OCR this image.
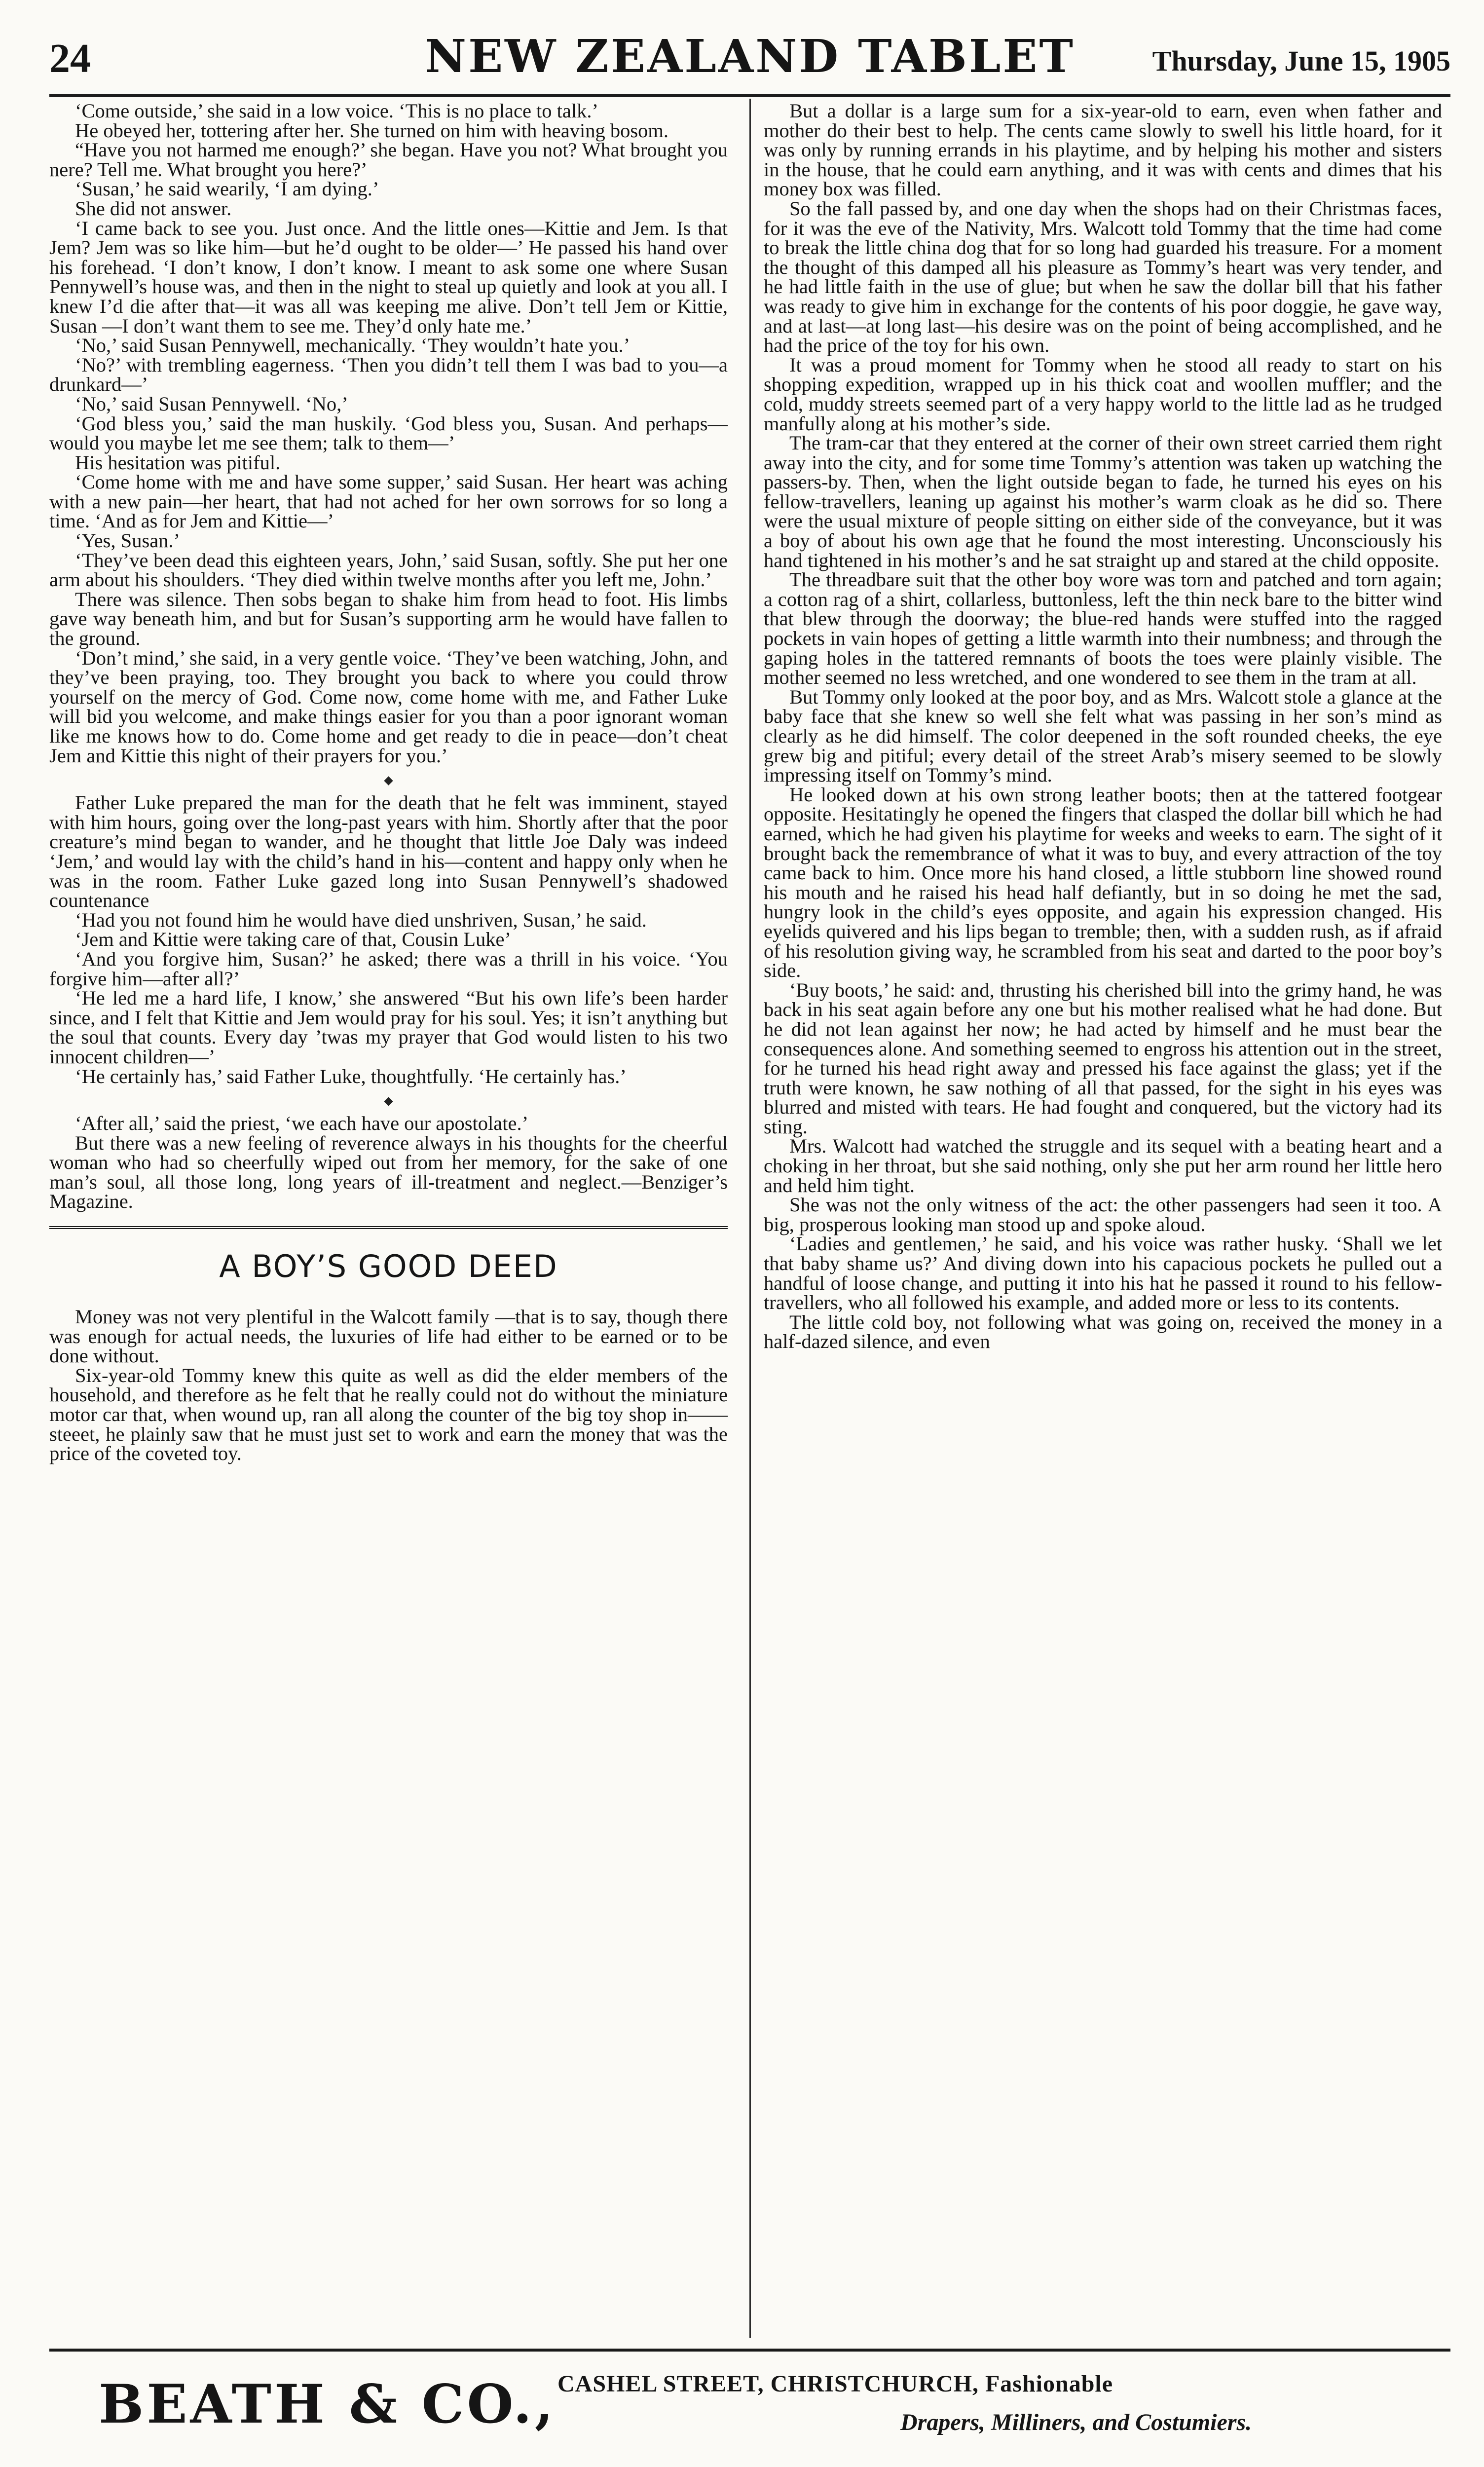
24	NEW ZEALAND TABLET	Thursday, June 15, 1905

‘Come outside,’ she said in a low voice. ‘This is no place to talk.’

He obeyed her, tottering after her. She turned on him with heaving bosom.

“Have you not harmed me enough?’ she began. Have you not? What brought you nere? Tell me. What brought you here?’

‘Susan,’ he said wearily, ‘I am dying.’

She did not answer.

‘I came back to see you. Just once. And the little ones—Kittie and Jem. Is that Jem? Jem was so like him—but he’d ought to be older—’ He passed his hand over his forehead. ‘I don’t know, I don’t know. I meant to ask some one where Susan Pennywell’s house was, and then in the night to steal up quietly and look at you all. I knew I’d die after that—it was all was keeping me alive. Don’t tell Jem or Kittie, Susan —I don’t want them to see me. They’d only hate me.’

‘No,’ said Susan Pennywell, mechanically. ‘They wouldn’t hate you.’

‘No?’ with trembling eagerness. ‘Then you didn’t tell them I was bad to you—a drunkard—’

‘No,’ said Susan Pennywell. ‘No,’

‘God bless you,’ said the man huskily. ‘God bless you, Susan. And perhaps—would you maybe let me see them; talk to them—’

His hesitation was pitiful.

‘Come home with me and have some supper,’ said Susan. Her heart was aching with a new pain—her heart, that had not ached for her own sorrows for so long a time. ‘And as for Jem and Kittie—’

‘Yes, Susan.’

‘They’ve been dead this eighteen years, John,’ said Susan, softly. She put her one arm about his shoulders. ‘They died within twelve months after you left me, John.’

There was silence. Then sobs began to shake him from head to foot. His limbs gave way beneath him, and but for Susan’s supporting arm he would have fallen to the ground.

‘Don’t mind,’ she said, in a very gentle voice. ‘They’ve been watching, John, and they’ve been praying, too. They brought you back to where you could throw yourself on the mercy of God. Come now, come home with me, and Father Luke will bid you welcome, and make things easier for you than a poor ignorant woman like me knows how to do. Come home and get ready to die in peace—don’t cheat Jem and Kittie this night of their prayers for you.’

Father Luke prepared the man for the death that he felt was imminent, stayed with him hours, going over the long-past years with him. Shortly after that the poor creature’s mind began to wander, and he thought that little Joe Daly was indeed ‘Jem,’ and would lay with the child’s hand in his—content and happy only when he was in the room. Father Luke gazed long into Susan Pennywell’s shadowed countenance

‘Had you not found him he would have died unshriven, Susan,’ he said.

‘Jem and Kittie were taking care of that, Cousin Luke’

‘And you forgive him, Susan?’ he asked; there was a thrill in his voice. ‘You forgive him—after all?’

‘He led me a hard life, I know,’ she answered “But his own life’s been harder since, and I felt that Kittie and Jem would pray for his soul. Yes; it isn’t anything but the soul that counts. Every day ’twas my prayer that God would listen to his two innocent children—’

‘He certainly has,’ said Father Luke, thoughtfully. ‘He certainly has.’

‘After all,’ said the priest, ‘we each have our apostolate.’

But there was a new feeling of reverence always in his thoughts for the cheerful woman who had so cheerfully wiped out from her memory, for the sake of one man’s soul, all those long, long years of ill-treatment and neglect.—Benziger’s Magazine.

A BOY’S GOOD DEED

Money was not very plentiful in the Walcott family —that is to say, though there was enough for actual needs, the luxuries of life had either to be earned or to be done without.

Six-year-old Tommy knew this quite as well as did the elder members of the household, and therefore as he felt that he really could not do without the miniature motor car that, when wound up, ran all along the counter of the big toy shop in—— steeet, he plainly saw that he must just set to work and earn the money that was the price of the coveted toy.

But a dollar is a large sum for a six-year-old to earn, even when father and mother do their best to help. The cents came slowly to swell his little hoard, for it was only by running errands in his playtime, and by helping his mother and sisters in the house, that he could earn anything, and it was with cents and dimes that his money box was filled.

So the fall passed by, and one day when the shops had on their Christmas faces, for it was the eve of the Nativity, Mrs. Walcott told Tommy that the time had come to break the little china dog that for so long had guarded his treasure. For a moment the thought of this damped all his pleasure as Tommy’s heart was very tender, and he had little faith in the use of glue; but when he saw the dollar bill that his father was ready to give him in exchange for the contents of his poor doggie, he gave way, and at last—at long last—his desire was on the point of being accomplished, and he had the price of the toy for his own.

It was a proud moment for Tommy when he stood all ready to start on his shopping expedition, wrapped up in his thick coat and woollen muffler; and the cold, muddy streets seemed part of a very happy world to the little lad as he trudged manfully along at his mother’s side.

The tram-car that they entered at the corner of their own street carried them right away into the city, and for some time Tommy’s attention was taken up watching the passers-by. Then, when the light outside began to fade, he turned his eyes on his fellow-travellers, leaning up against his mother’s warm cloak as he did so. There were the usual mixture of people sitting on either side of the conveyance, but it was a boy of about his own age that he found the most interesting. Unconsciously his hand tightened in his mother’s and he sat straight up and stared at the child opposite.

The threadbare suit that the other boy wore was torn and patched and torn again; a cotton rag of a shirt, collarless, buttonless, left the thin neck bare to the bitter wind that blew through the doorway; the blue-red hands were stuffed into the ragged pockets in vain hopes of getting a little warmth into their numbness; and through the gaping holes in the tattered remnants of boots the toes were plainly visible. The mother seemed no less wretched, and one wondered to see them in the tram at all.

But Tommy only looked at the poor boy, and as Mrs. Walcott stole a glance at the baby face that she knew so well she felt what was passing in her son’s mind as clearly as he did himself. The color deepened in the soft rounded cheeks, the eye grew big and pitiful; every detail of the street Arab’s misery seemed to be slowly impressing itself on Tommy’s mind.

He looked down at his own strong leather boots; then at the tattered footgear opposite. Hesitatingly he opened the fingers that clasped the dollar bill which he had earned, which he had given his playtime for weeks and weeks to earn. The sight of it brought back the remembrance of what it was to buy, and every attraction of the toy came back to him. Once more his hand closed, a little stubborn line showed round his mouth and he raised his head half defiantly, but in so doing he met the sad, hungry look in the child’s eyes opposite, and again his expression changed. His eyelids quivered and his lips began to tremble; then, with a sudden rush, as if afraid of his resolution giving way, he scrambled from his seat and darted to the poor boy’s side.

‘Buy boots,’ he said: and, thrusting his cherished bill into the grimy hand, he was back in his seat again before any one but his mother realised what he had done. But he did not lean against her now; he had acted by himself and he must bear the consequences alone. And something seemed to engross his attention out in the street, for he turned his head right away and pressed his face against the glass; yet if the truth were known, he saw nothing of all that passed, for the sight in his eyes was blurred and misted with tears. He had fought and conquered, but the victory had its sting.

Mrs. Walcott had watched the struggle and its sequel with a beating heart and a choking in her throat, but she said nothing, only she put her arm round her little hero and held him tight.

She was not the only witness of the act: the other passengers had seen it too. A big, prosperous looking man stood up and spoke aloud.

‘Ladies and gentlemen,’ he said, and his voice was rather husky. ‘Shall we let that baby shame us?’ And diving down into his capacious pockets he pulled out a handful of loose change, and putting it into his hat he passed it round to his fellow-travellers, who all followed his example, and added more or less to its contents.

The little cold boy, not following what was going on, received the money in a half-dazed silence, and even

BEATH & CO., CASHEL STREET, CHRISTCHURCH, Fashionable
Drapers, Milliners, and Costumiers.
